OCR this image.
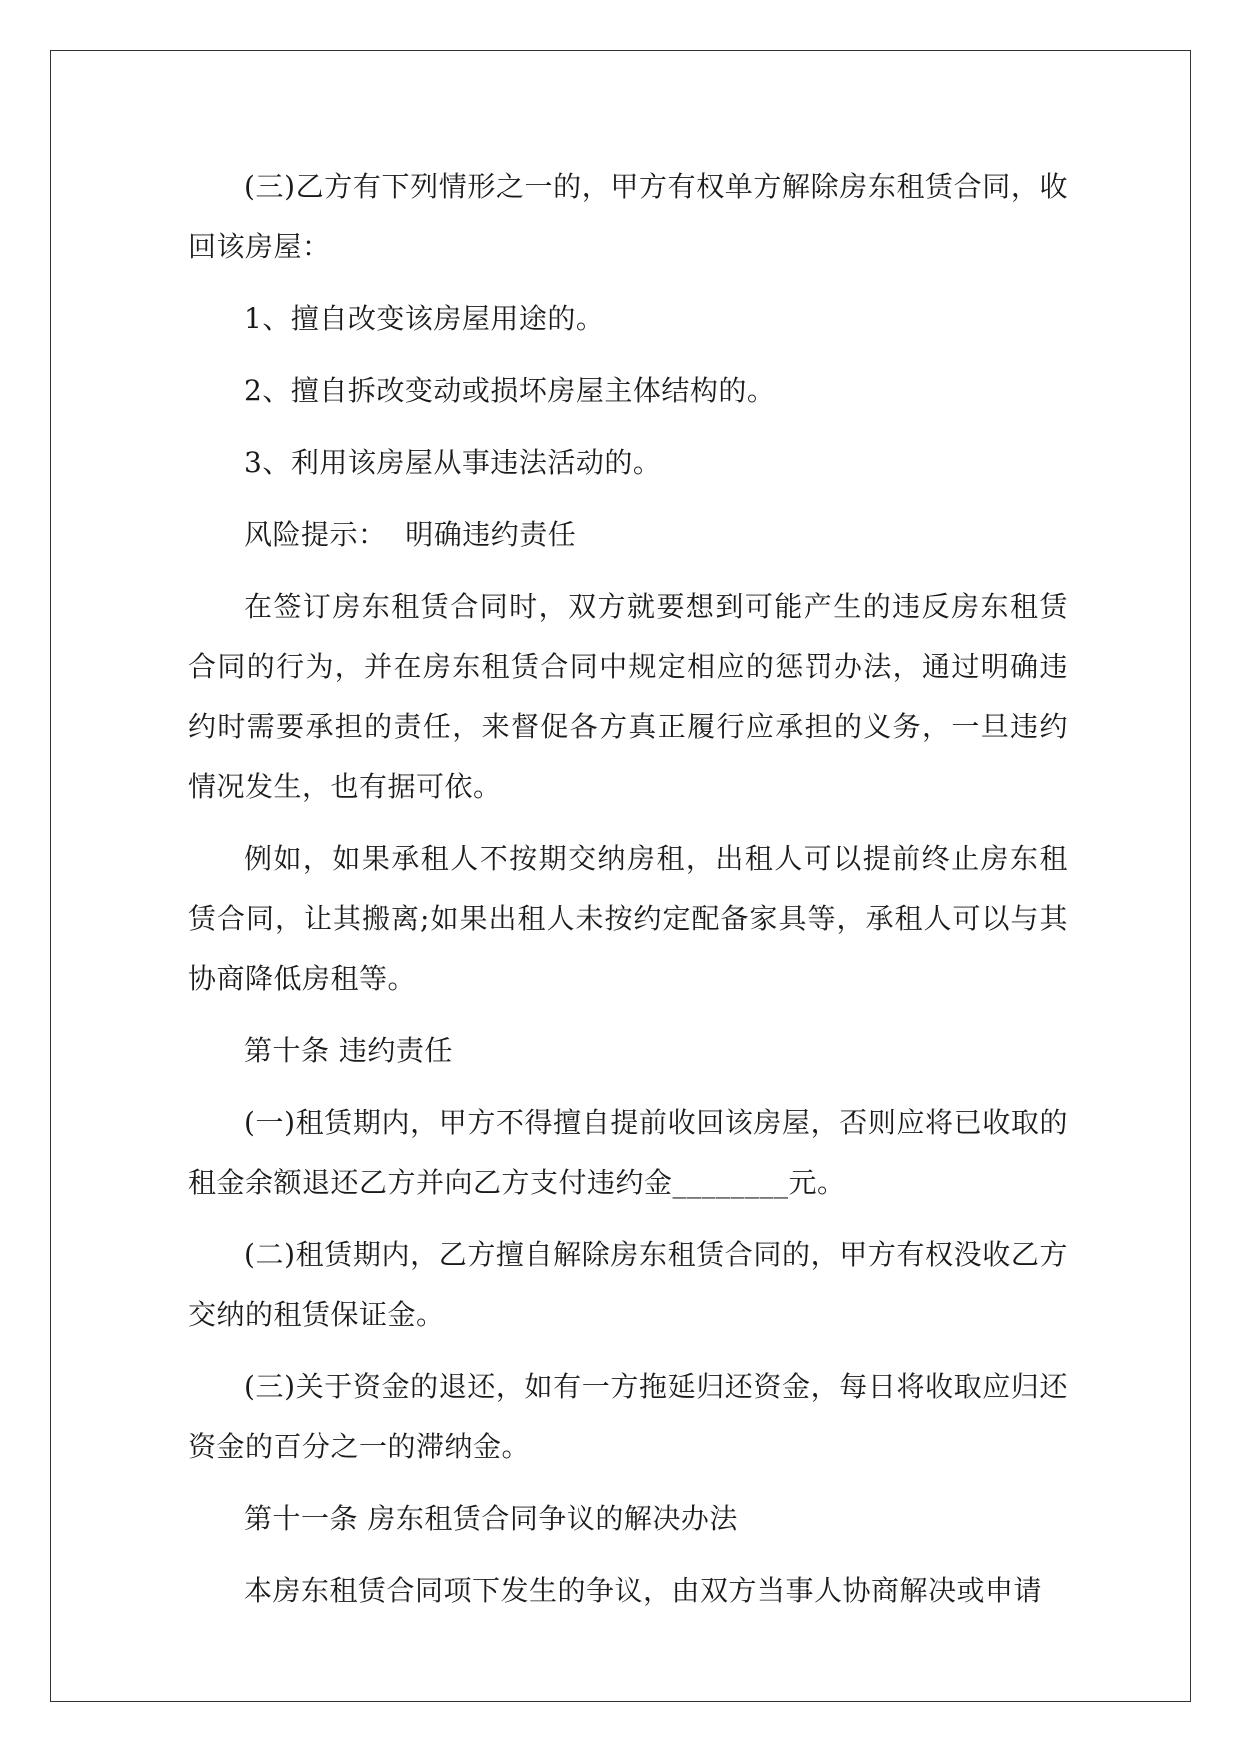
(三)乙方有下列情形之一的，甲方有权单方解除房东租赁合同，收回该房屋：

1、擅自改变该房屋用途的。

2、擅自拆改变动或损坏房屋主体结构的。

3、利用该房屋从事违法活动的。

风险提示：  明确违约责任

在签订房东租赁合同时，双方就要想到可能产生的违反房东租赁合同的行为，并在房东租赁合同中规定相应的惩罚办法，通过明确违约时需要承担的责任，来督促各方真正履行应承担的义务，一旦违约情况发生，也有据可依。

例如，如果承租人不按期交纳房租，出租人可以提前终止房东租赁合同，让其搬离;如果出租人未按约定配备家具等，承租人可以与其协商降低房租等。

第十条 违约责任

(一)租赁期内，甲方不得擅自提前收回该房屋，否则应将已收取的租金余额退还乙方并向乙方支付违约金________元。

(二)租赁期内，乙方擅自解除房东租赁合同的，甲方有权没收乙方交纳的租赁保证金。

(三)关于资金的退还，如有一方拖延归还资金，每日将收取应归还资金的百分之一的滞纳金。

第十一条 房东租赁合同争议的解决办法

本房东租赁合同项下发生的争议，由双方当事人协商解决或申请
